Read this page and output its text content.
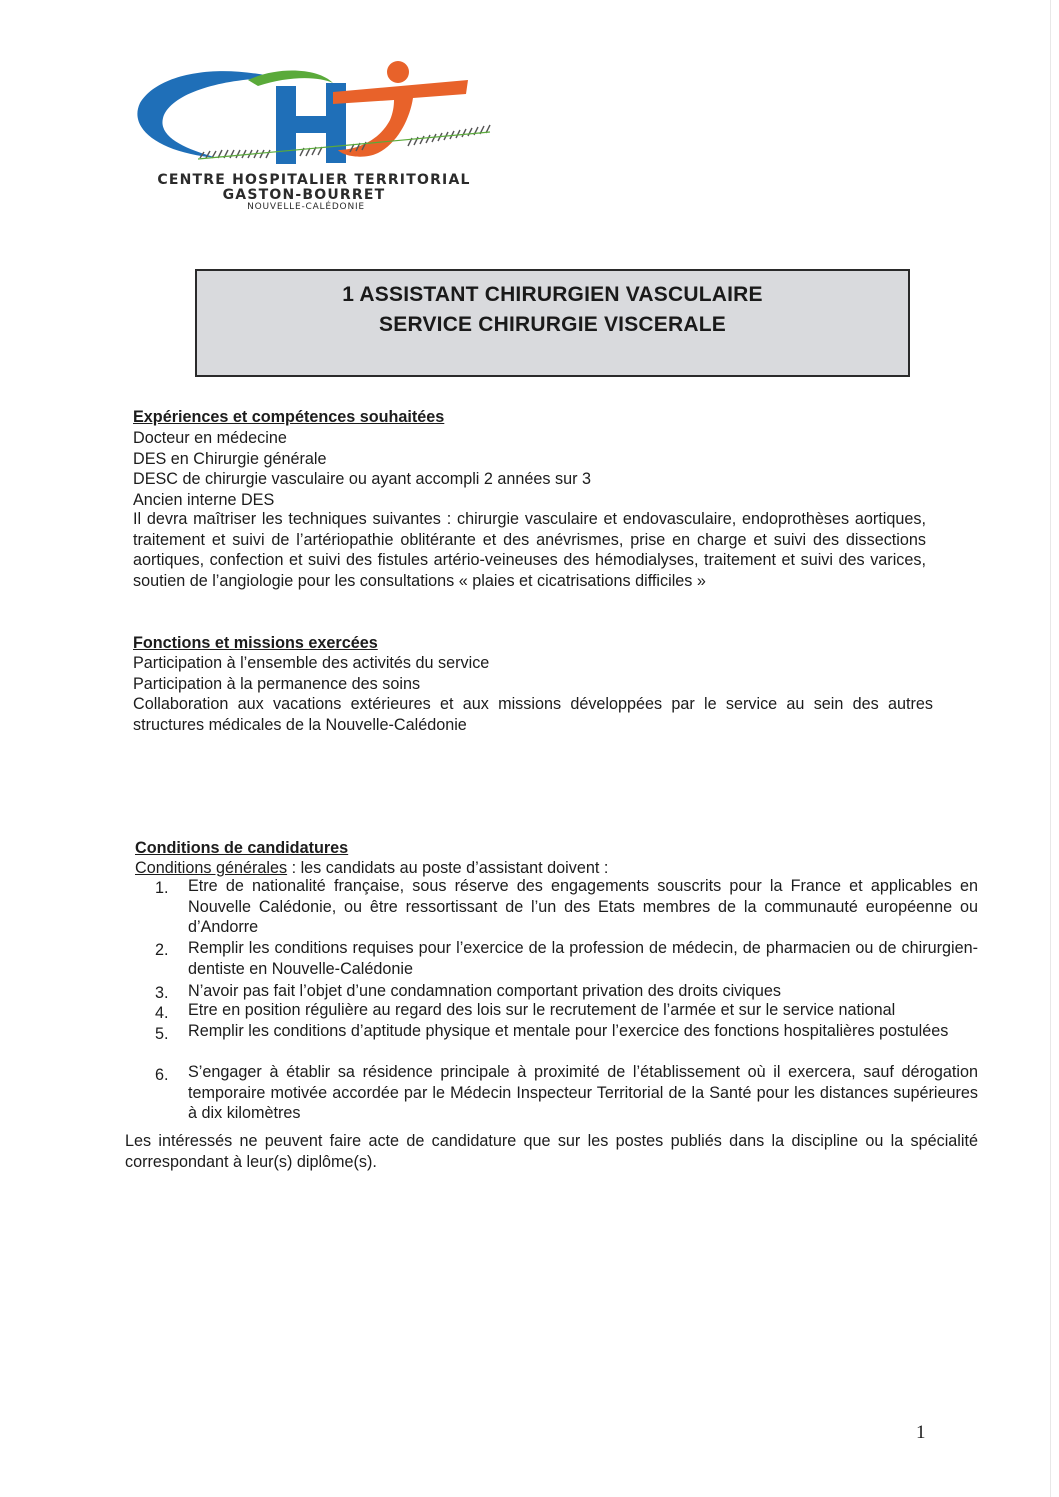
CENTRE HOSPITALIER TERRITORIAL
GASTON-BOURRET
NOUVELLE-CALÉDONIE
1 ASSISTANT CHIRURGIEN VASCULAIRE
SERVICE CHIRURGIE VISCERALE
Expériences et compétences souhaitées
Docteur en médecine
DES en Chirurgie générale
DESC de chirurgie vasculaire ou ayant accompli 2 années sur 3
Ancien interne DES
Il devra maîtriser les techniques suivantes : chirurgie vasculaire et endovasculaire, endoprothèses aortiques, traitement et suivi de l’artériopathie oblitérante et des anévrismes, prise en charge et suivi des dissections aortiques, confection et suivi des fistules artério-veineuses des hémodialyses, traitement et suivi des varices, soutien de l’angiologie pour les consultations « plaies et cicatrisations difficiles »
Fonctions et missions exercées
Participation à l’ensemble des activités du service
Participation à la permanence des soins
Collaboration aux vacations extérieures et aux missions développées par le service au sein des autres structures médicales de la Nouvelle-Calédonie
Conditions de candidatures
Conditions générales : les candidats au poste d’assistant doivent :
1. Etre de nationalité française, sous réserve des engagements souscrits pour la France et applicables en Nouvelle Calédonie, ou être ressortissant de l’un des Etats membres de la communauté européenne ou d’Andorre
2. Remplir les conditions requises pour l’exercice de la profession de médecin, de pharmacien ou de chirurgien-dentiste en Nouvelle-Calédonie
3. N’avoir pas fait l’objet d’une condamnation comportant privation des droits civiques
4. Etre en position régulière au regard des lois sur le recrutement de l’armée et sur le service national
5. Remplir les conditions d’aptitude physique et mentale pour l’exercice des fonctions hospitalières postulées
6. S’engager à établir sa résidence principale à proximité de l’établissement où il exercera, sauf dérogation temporaire motivée accordée par le Médecin Inspecteur Territorial de la Santé pour les distances supérieures à dix kilomètres
Les intéressés ne peuvent faire acte de candidature que sur les postes publiés dans la discipline ou la spécialité correspondant à leur(s) diplôme(s).
1
